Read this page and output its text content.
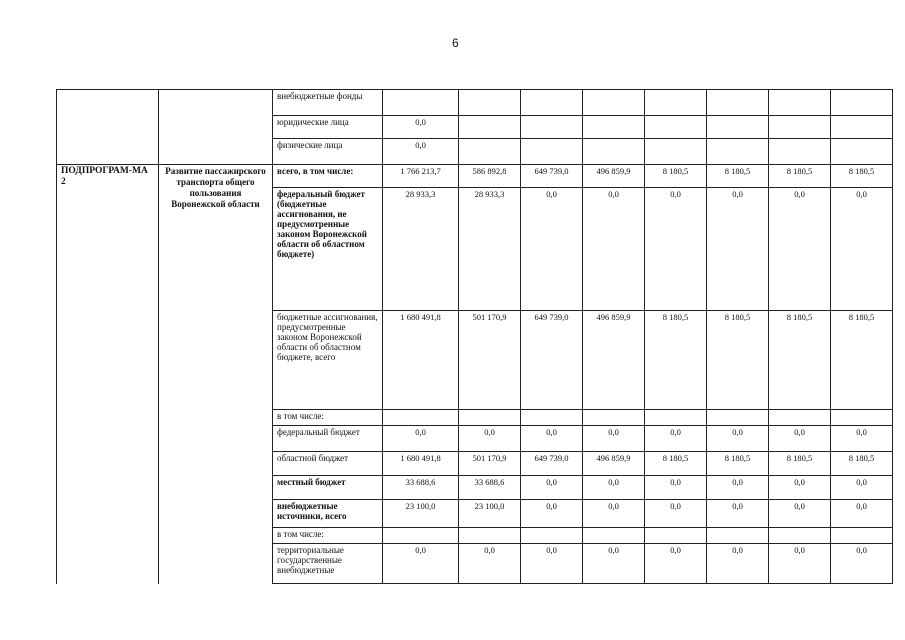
6
		внебюджетные фонды								
		юридические лица	0,0							
		физические лица	0,0							
ПОДПРОГРАМ-МА 2	Развитие пассажирского транспорта общего пользования Воронежской области	всего, в том числе:	1 766 213,7	586 892,8	649 739,0	496 859,9	8 180,5	8 180,5	8 180,5	8 180,5
		федеральный бюджет (бюджетные ассигнования, не предусмотренные законом Воронежской области об областном бюджете)	28 933,3	28 933,3	0,0	0,0	0,0	0,0	0,0	0,0
		бюджетные ассигнования, предусмотренные законом Воронежской области об областном бюджете, всего	1 680 491,8	501 170,9	649 739,0	496 859,9	8 180,5	8 180,5	8 180,5	8 180,5
		в том числе:								
		федеральный бюджет	0,0	0,0	0,0	0,0	0,0	0,0	0,0	0,0
		областной бюджет	1 680 491,8	501 170,9	649 739,0	496 859,9	8 180,5	8 180,5	8 180,5	8 180,5
		местный бюджет	33 688,6	33 688,6	0,0	0,0	0,0	0,0	0,0	0,0
		внебюджетные источники, всего	23 100,0	23 100,0	0,0	0,0	0,0	0,0	0,0	0,0
		в том числе:								
		территориальные государственные внебюджетные	0,0	0,0	0,0	0,0	0,0	0,0	0,0	0,0
